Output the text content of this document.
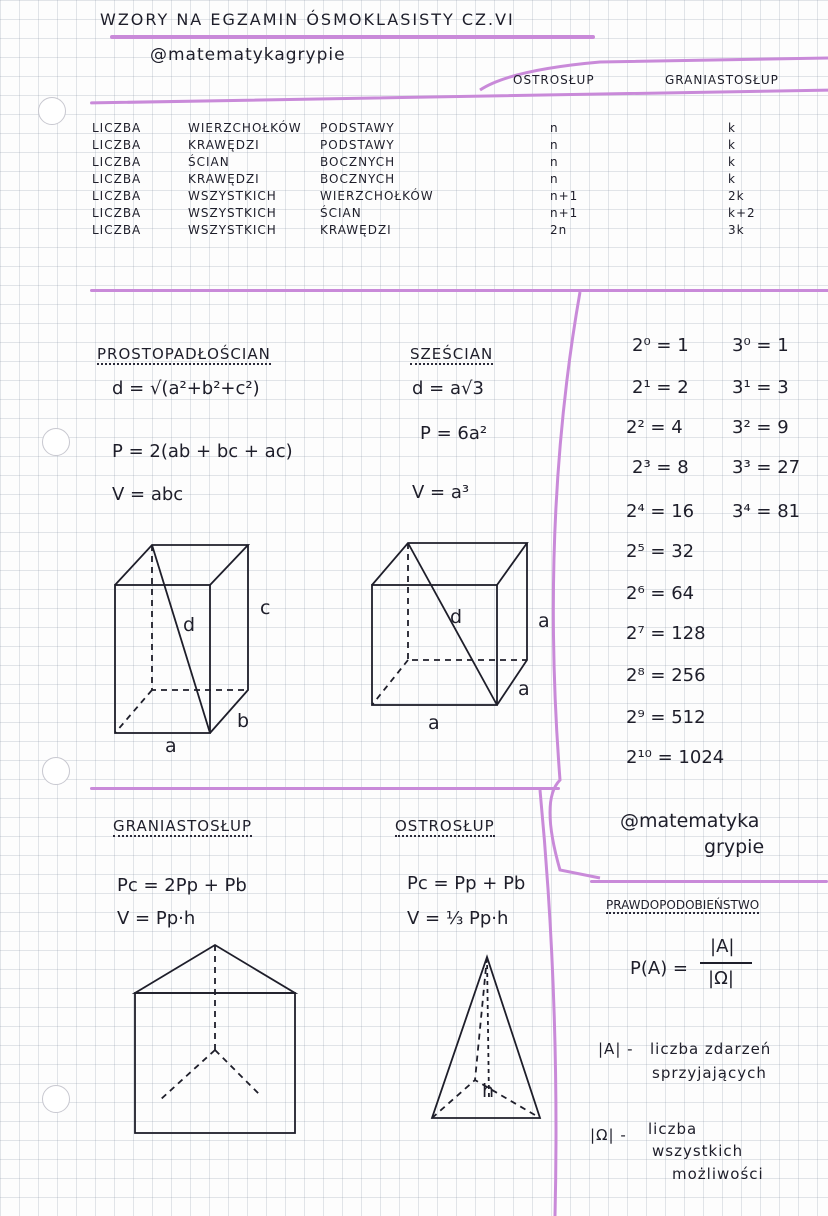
WZORY NA EGZAMIN ÓSMOKLASISTY CZ.VI
@matematykagrypie
OSTROSŁUP	GRANIASTOSŁUP
LICZBA
LICZBA
LICZBA
LICZBA
LICZBA
LICZBA
LICZBA
WIERZCHOŁKÓW
KRAWĘDZI
ŚCIAN
KRAWĘDZI
WSZYSTKICH
WSZYSTKICH
WSZYSTKICH
PODSTAWY
PODSTAWY
BOCZNYCH
BOCZNYCH
WIERZCHOŁKÓW
ŚCIAN
KRAWĘDZI
n
n
n
n
n+1
n+1
2n
k
k
k
k
2k
k+2
3k
PROSTOPADŁOŚCIAN
d = √(a²+b²+c²)
P = 2(ab + bc + ac)
V = abc
d
c
b
a
SZEŚCIAN
d = a√3
P = 6a²
V = a³
d
a
a
a
2⁰ = 1
2¹ = 2
2² = 4
2³ = 8
2⁴ = 16
2⁵ = 32
2⁶ = 64
2⁷ = 128
2⁸ = 256
2⁹ = 512
2¹⁰ = 1024
3⁰ = 1
3¹ = 3
3² = 9
3³ = 27
3⁴ = 81
GRANIASTOSŁUP
Pc = 2Pp + Pb
V = Pp·h
OSTROSŁUP
Pc = Pp + Pb
V = ⅓ Pp·h
h
@matematyka
grypie
PRAWDOPODOBIEŃSTWO
P(A) =
|A|
|Ω|
|A| - liczba zdarzeń
sprzyjających
|Ω| - liczba
wszystkich
możliwości
